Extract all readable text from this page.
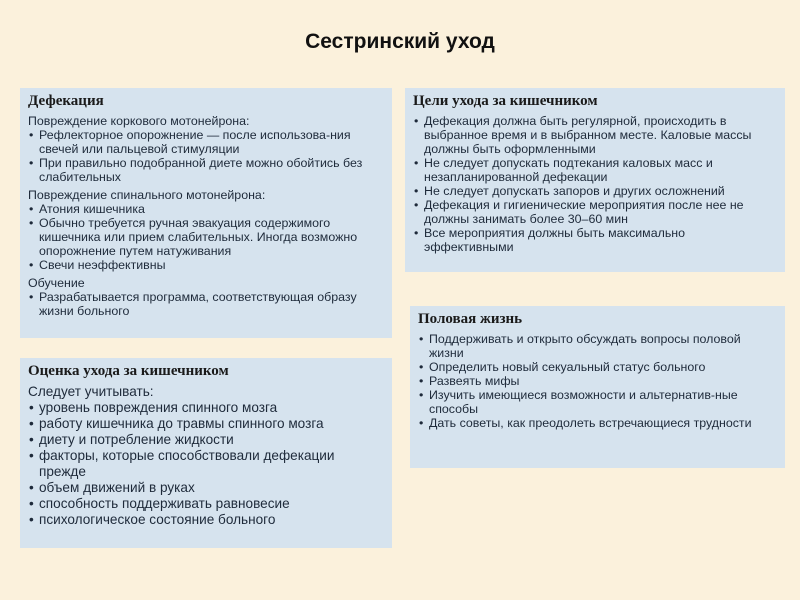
Сестринский уход
Дефекация
Повреждение коркового мотонейрона:
• Рефлекторное опорожнение — после использова-ния свечей или пальцевой стимуляции
• При правильно подобранной диете можно обойтись без слабительных
Повреждение спинального мотонейрона:
• Атония кишечника
• Обычно требуется ручная эвакуация содержимого кишечника или прием слабительных. Иногда возможно опорожнение путем натуживания
• Свечи неэффективны
Обучение
• Разрабатывается программа, соответствующая образу жизни больного
Цели ухода за кишечником
• Дефекация должна быть регулярной, происходить в выбранное время и в выбранном месте. Каловые массы должны быть оформленными
• Не следует допускать подтекания каловых масс и незапланированной дефекации
• Не следует допускать запоров и других осложнений
• Дефекация и гигиенические мероприятия после нее не должны занимать более 30–60 мин
• Все мероприятия должны быть максимально эффективными
Оценка ухода за кишечником
Следует учитывать:
• уровень повреждения спинного мозга
• работу кишечника до травмы спинного мозга
• диету и потребление жидкости
• факторы, которые способствовали дефекации прежде
• объем движений в руках
• способность поддерживать равновесие
• психологическое состояние больного
Половая жизнь
• Поддерживать и открыто обсуждать вопросы половой жизни
• Определить новый секуальный статус больного
• Развеять мифы
• Изучить имеющиеся возможности и альтернатив-ные способы
• Дать советы, как преодолеть встречающиеся трудности
